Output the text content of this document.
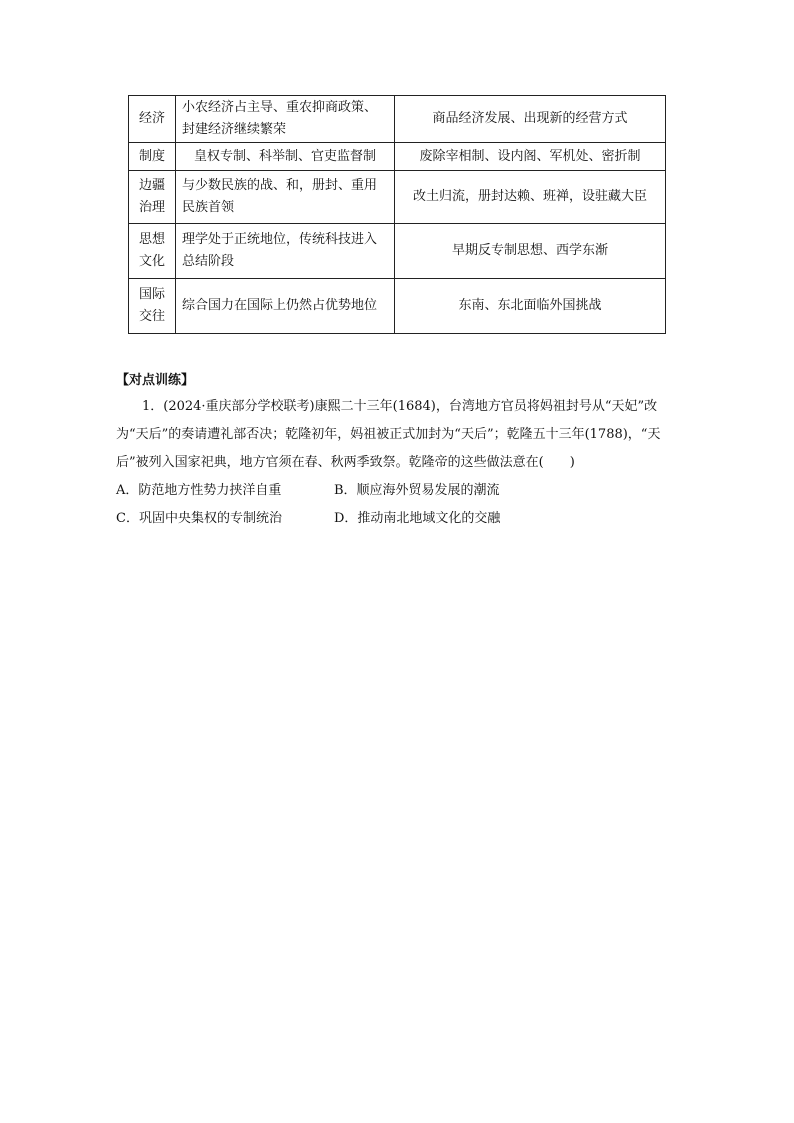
经济	小农经济占主导、重农抑商政策、封建经济继续繁荣	商品经济发展、出现新的经营方式
制度	皇权专制、科举制、官吏监督制	废除宰相制、设内阁、军机处、密折制
边疆治理	与少数民族的战、和，册封、重用民族首领	改土归流，册封达赖、班禅，设驻藏大臣
思想文化	理学处于正统地位，传统科技进入总结阶段	早期反专制思想、西学东渐
国际交往	综合国力在国际上仍然占优势地位	东南、东北面临外国挑战

【对点训练】

1．(2024·重庆部分学校联考)康熙二十三年(1684)，台湾地方官员将妈祖封号从“天妃”改为“天后”的奏请遭礼部否决；乾隆初年，妈祖被正式加封为“天后”；乾隆五十三年(1788)，“天后”被列入国家祀典，地方官须在春、秋两季致祭。乾隆帝的这些做法意在(　　)

A．防范地方性势力挟洋自重	B．顺应海外贸易发展的潮流
C．巩固中央集权的专制统治	D．推动南北地域文化的交融
